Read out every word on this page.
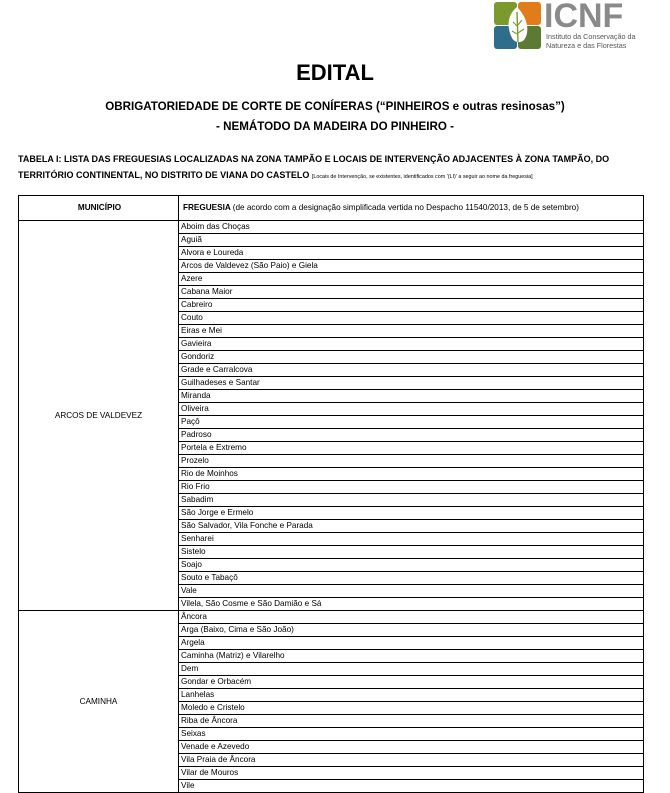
ICNF
Instituto da Conservação da Natureza e das Florestas
EDITAL
OBRIGATORIEDADE DE CORTE DE CONÍFERAS (“PINHEIROS e outras resinosas”)
- NEMÁTODO DA MADEIRA DO PINHEIRO -
TABELA I: LISTA DAS FREGUESIAS LOCALIZADAS NA ZONA TAMPÃO E LOCAIS DE INTERVENÇÃO ADJACENTES À ZONA TAMPÃO, DO TERRITÓRIO CONTINENTAL, NO DISTRITO DE VIANA DO CASTELO [Locais de Intervenção, se existentes, identificados com '(LI)' a seguir ao nome da freguesia]
MUNICÍPIO	FREGUESIA (de acordo com a designação simplificada vertida no Despacho 11540/2013, de 5 de setembro)
ARCOS DE VALDEVEZ	Aboim das Choças
	Aguiã
	Alvora e Loureda
	Arcos de Valdevez (São Paio) e Giela
	Azere
	Cabana Maior
	Cabreiro
	Couto
	Eiras e Mei
	Gavieira
	Gondoriz
	Grade e Carralcova
	Guilhadeses e Santar
	Miranda
	Oliveira
	Paçô
	Padroso
	Portela e Extremo
	Prozelo
	Rio de Moinhos
	Rio Frio
	Sabadim
	São Jorge e Ermelo
	São Salvador, Vila Fonche e Parada
	Senharei
	Sistelo
	Soajo
	Souto e Tabaçô
	Vale
	Vilela, São Cosme e São Damião e Sá
CAMINHA	Âncora
	Arga (Baixo, Cima e São João)
	Argela
	Caminha (Matriz) e Vilarelho
	Dem
	Gondar e Orbacém
	Lanhelas
	Moledo e Cristelo
	Riba de Âncora
	Seixas
	Venade e Azevedo
	Vila Praia de Âncora
	Vilar de Mouros
	Vile
